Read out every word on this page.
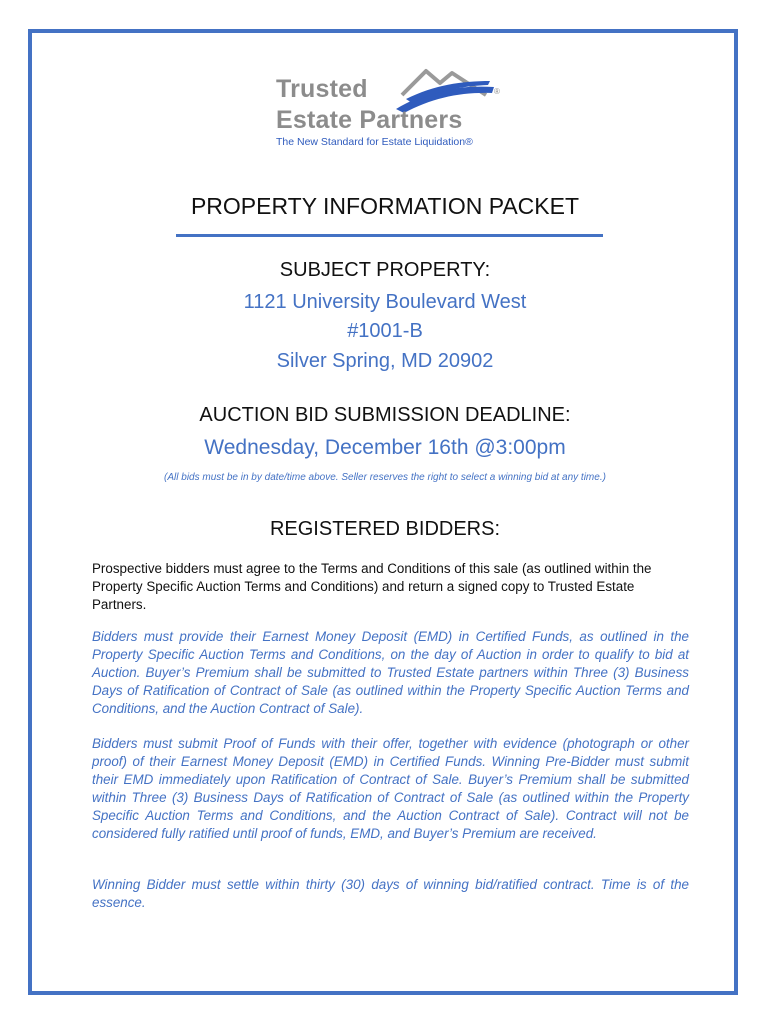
Trusted
Estate Partners
®
The New Standard for Estate Liquidation®
PROPERTY INFORMATION PACKET
SUBJECT PROPERTY:
1121 University Boulevard West
#1001-B
Silver Spring, MD 20902
AUCTION BID SUBMISSION DEADLINE:
Wednesday, December 16th @3:00pm
(All bids must be in by date/time above. Seller reserves the right to select a winning bid at any time.)
REGISTERED BIDDERS:
Prospective bidders must agree to the Terms and Conditions of this sale (as outlined within the Property Specific Auction Terms and Conditions) and return a signed copy to Trusted Estate Partners.
Bidders must provide their Earnest Money Deposit (EMD) in Certified Funds, as outlined in the Property Specific Auction Terms and Conditions, on the day of Auction in order to qualify to bid at Auction. Buyer’s Premium shall be submitted to Trusted Estate partners within Three (3) Business Days of Ratification of Contract of Sale (as outlined within the Property Specific Auction Terms and Conditions, and the Auction Contract of Sale).
Bidders must submit Proof of Funds with their offer, together with evidence (photograph or other proof) of their Earnest Money Deposit (EMD) in Certified Funds. Winning Pre-Bidder must submit their EMD immediately upon Ratification of Contract of Sale. Buyer’s Premium shall be submitted within Three (3) Business Days of Ratification of Contract of Sale (as outlined within the Property Specific Auction Terms and Conditions, and the Auction Contract of Sale). Contract will not be considered fully ratified until proof of funds, EMD, and Buyer’s Premium are received.
Winning Bidder must settle within thirty (30) days of winning bid/ratified contract. Time is of the essence.
